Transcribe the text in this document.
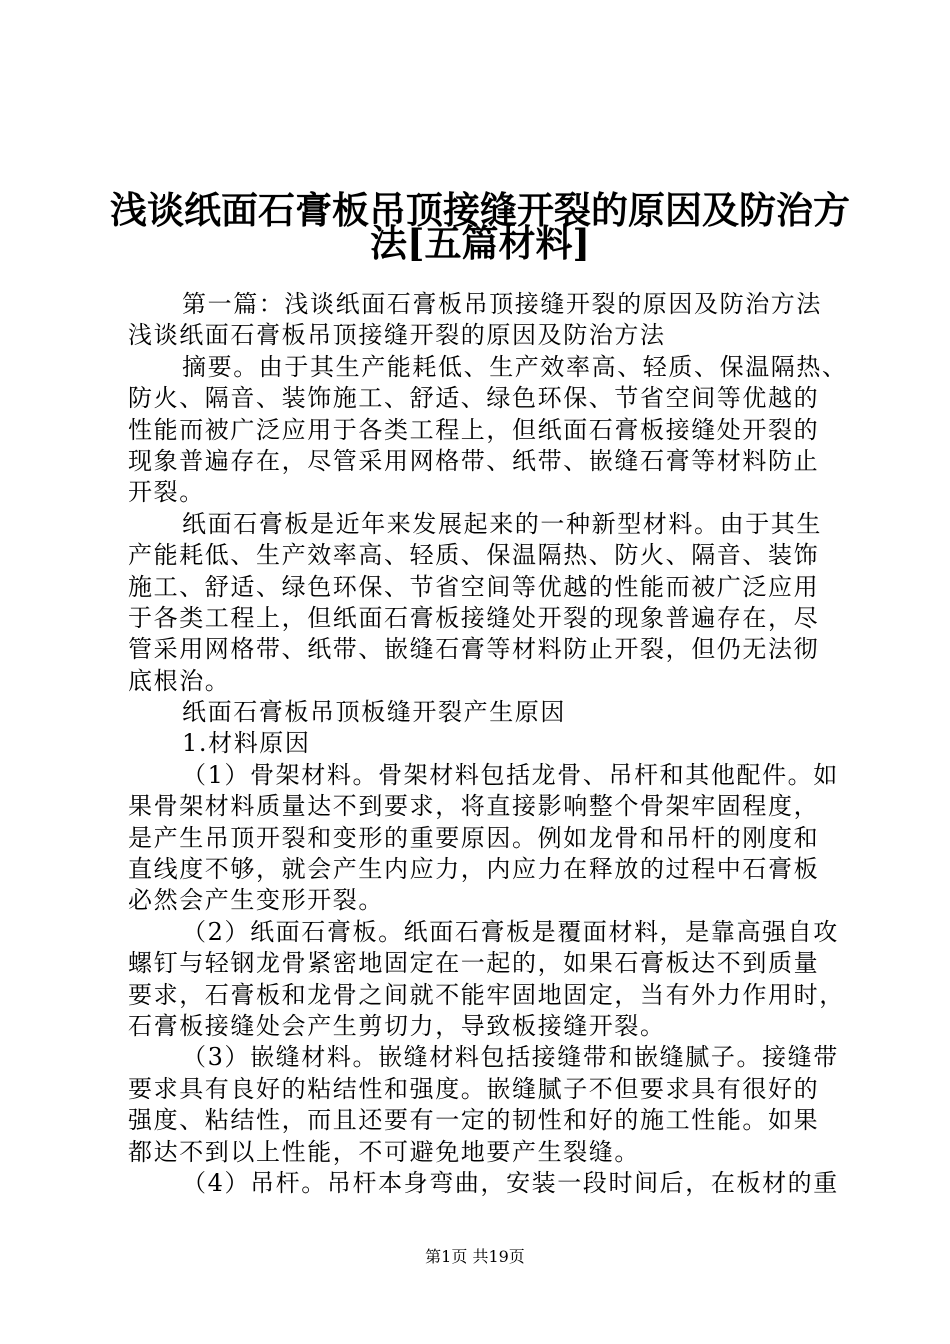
浅谈纸面石膏板吊顶接缝开裂的原因及防治方
法[五篇材料]
第一篇：浅谈纸面石膏板吊顶接缝开裂的原因及防治方法
浅谈纸面石膏板吊顶接缝开裂的原因及防治方法
摘要。由于其生产能耗低、生产效率高、轻质、保温隔热、
防火、隔音、装饰施工、舒适、绿色环保、节省空间等优越的
性能而被广泛应用于各类工程上，但纸面石膏板接缝处开裂的
现象普遍存在，尽管采用网格带、纸带、嵌缝石膏等材料防止
开裂。
纸面石膏板是近年来发展起来的一种新型材料。由于其生
产能耗低、生产效率高、轻质、保温隔热、防火、隔音、装饰
施工、舒适、绿色环保、节省空间等优越的性能而被广泛应用
于各类工程上，但纸面石膏板接缝处开裂的现象普遍存在，尽
管采用网格带、纸带、嵌缝石膏等材料防止开裂，但仍无法彻
底根治。
纸面石膏板吊顶板缝开裂产生原因
1.材料原因
（1）骨架材料。骨架材料包括龙骨、吊杆和其他配件。如
果骨架材料质量达不到要求，将直接影响整个骨架牢固程度，
是产生吊顶开裂和变形的重要原因。例如龙骨和吊杆的刚度和
直线度不够，就会产生内应力，内应力在释放的过程中石膏板
必然会产生变形开裂。
（2）纸面石膏板。纸面石膏板是覆面材料，是靠高强自攻
螺钉与轻钢龙骨紧密地固定在一起的，如果石膏板达不到质量
要求，石膏板和龙骨之间就不能牢固地固定，当有外力作用时，
石膏板接缝处会产生剪切力，导致板接缝开裂。
（3）嵌缝材料。嵌缝材料包括接缝带和嵌缝腻子。接缝带
要求具有良好的粘结性和强度。嵌缝腻子不但要求具有很好的
强度、粘结性，而且还要有一定的韧性和好的施工性能。如果
都达不到以上性能，不可避免地要产生裂缝。
（4）吊杆。吊杆本身弯曲，安装一段时间后，在板材的重
第1页 共19页
